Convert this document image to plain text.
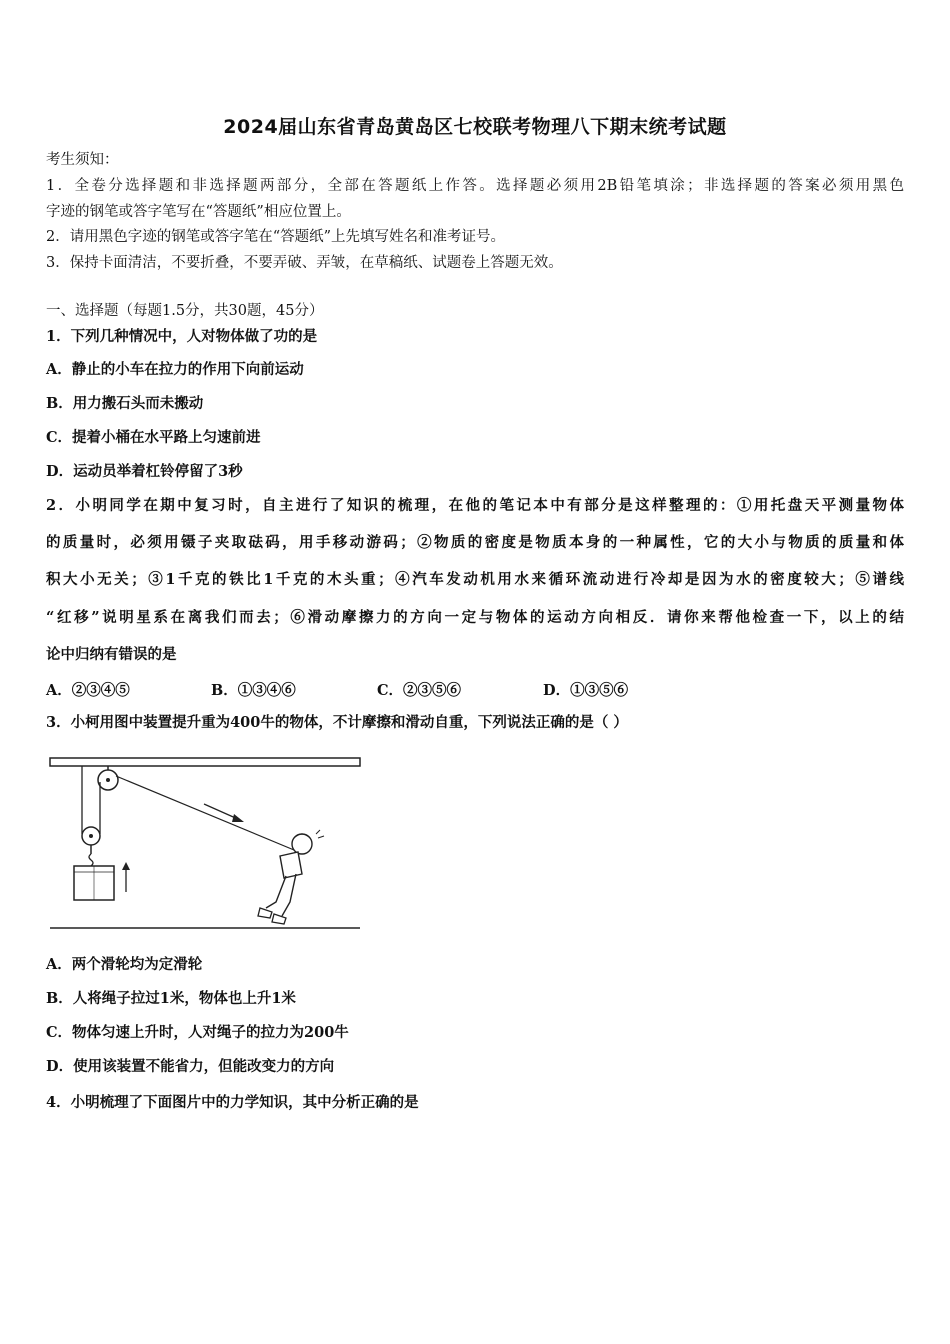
2024届山东省青岛黄岛区七校联考物理八下期末统考试题
考生须知：
1．全卷分选择题和非选择题两部分，全部在答题纸上作答。选择题必须用2B铅笔填涂；非选择题的答案必须用黑色
字迹的钢笔或答字笔写在“答题纸”相应位置上。
2．请用黑色字迹的钢笔或答字笔在“答题纸”上先填写姓名和准考证号。
3．保持卡面清洁，不要折叠，不要弄破、弄皱，在草稿纸、试题卷上答题无效。
一、选择题（每题1.5分，共30题，45分）
1．下列几种情况中，人对物体做了功的是
A．静止的小车在拉力的作用下向前运动
B．用力搬石头而未搬动
C．提着小桶在水平路上匀速前进
D．运动员举着杠铃停留了3秒
2．小明同学在期中复习时，自主进行了知识的梳理，在他的笔记本中有部分是这样整理的：①用托盘天平测量物体
的质量时，必须用镊子夹取砝码，用手移动游码；②物质的密度是物质本身的一种属性，它的大小与物质的质量和体
积大小无关；③1千克的铁比1千克的木头重；④汽车发动机用水来循环流动进行冷却是因为水的密度较大；⑤谱线
“红移”说明星系在离我们而去；⑥滑动摩擦力的方向一定与物体的运动方向相反．请你来帮他检查一下，以上的结
论中归纳有错误的是
A．②③④⑤	B．①③④⑥	C．②③⑤⑥	D．①③⑤⑥
3．小柯用图中装置提升重为400牛的物体，不计摩擦和滑动自重，下列说法正确的是（ ）
A．两个滑轮均为定滑轮
B．人将绳子拉过1米，物体也上升1米
C．物体匀速上升时，人对绳子的拉力为200牛
D．使用该装置不能省力，但能改变力的方向
4．小明梳理了下面图片中的力学知识，其中分析正确的是
